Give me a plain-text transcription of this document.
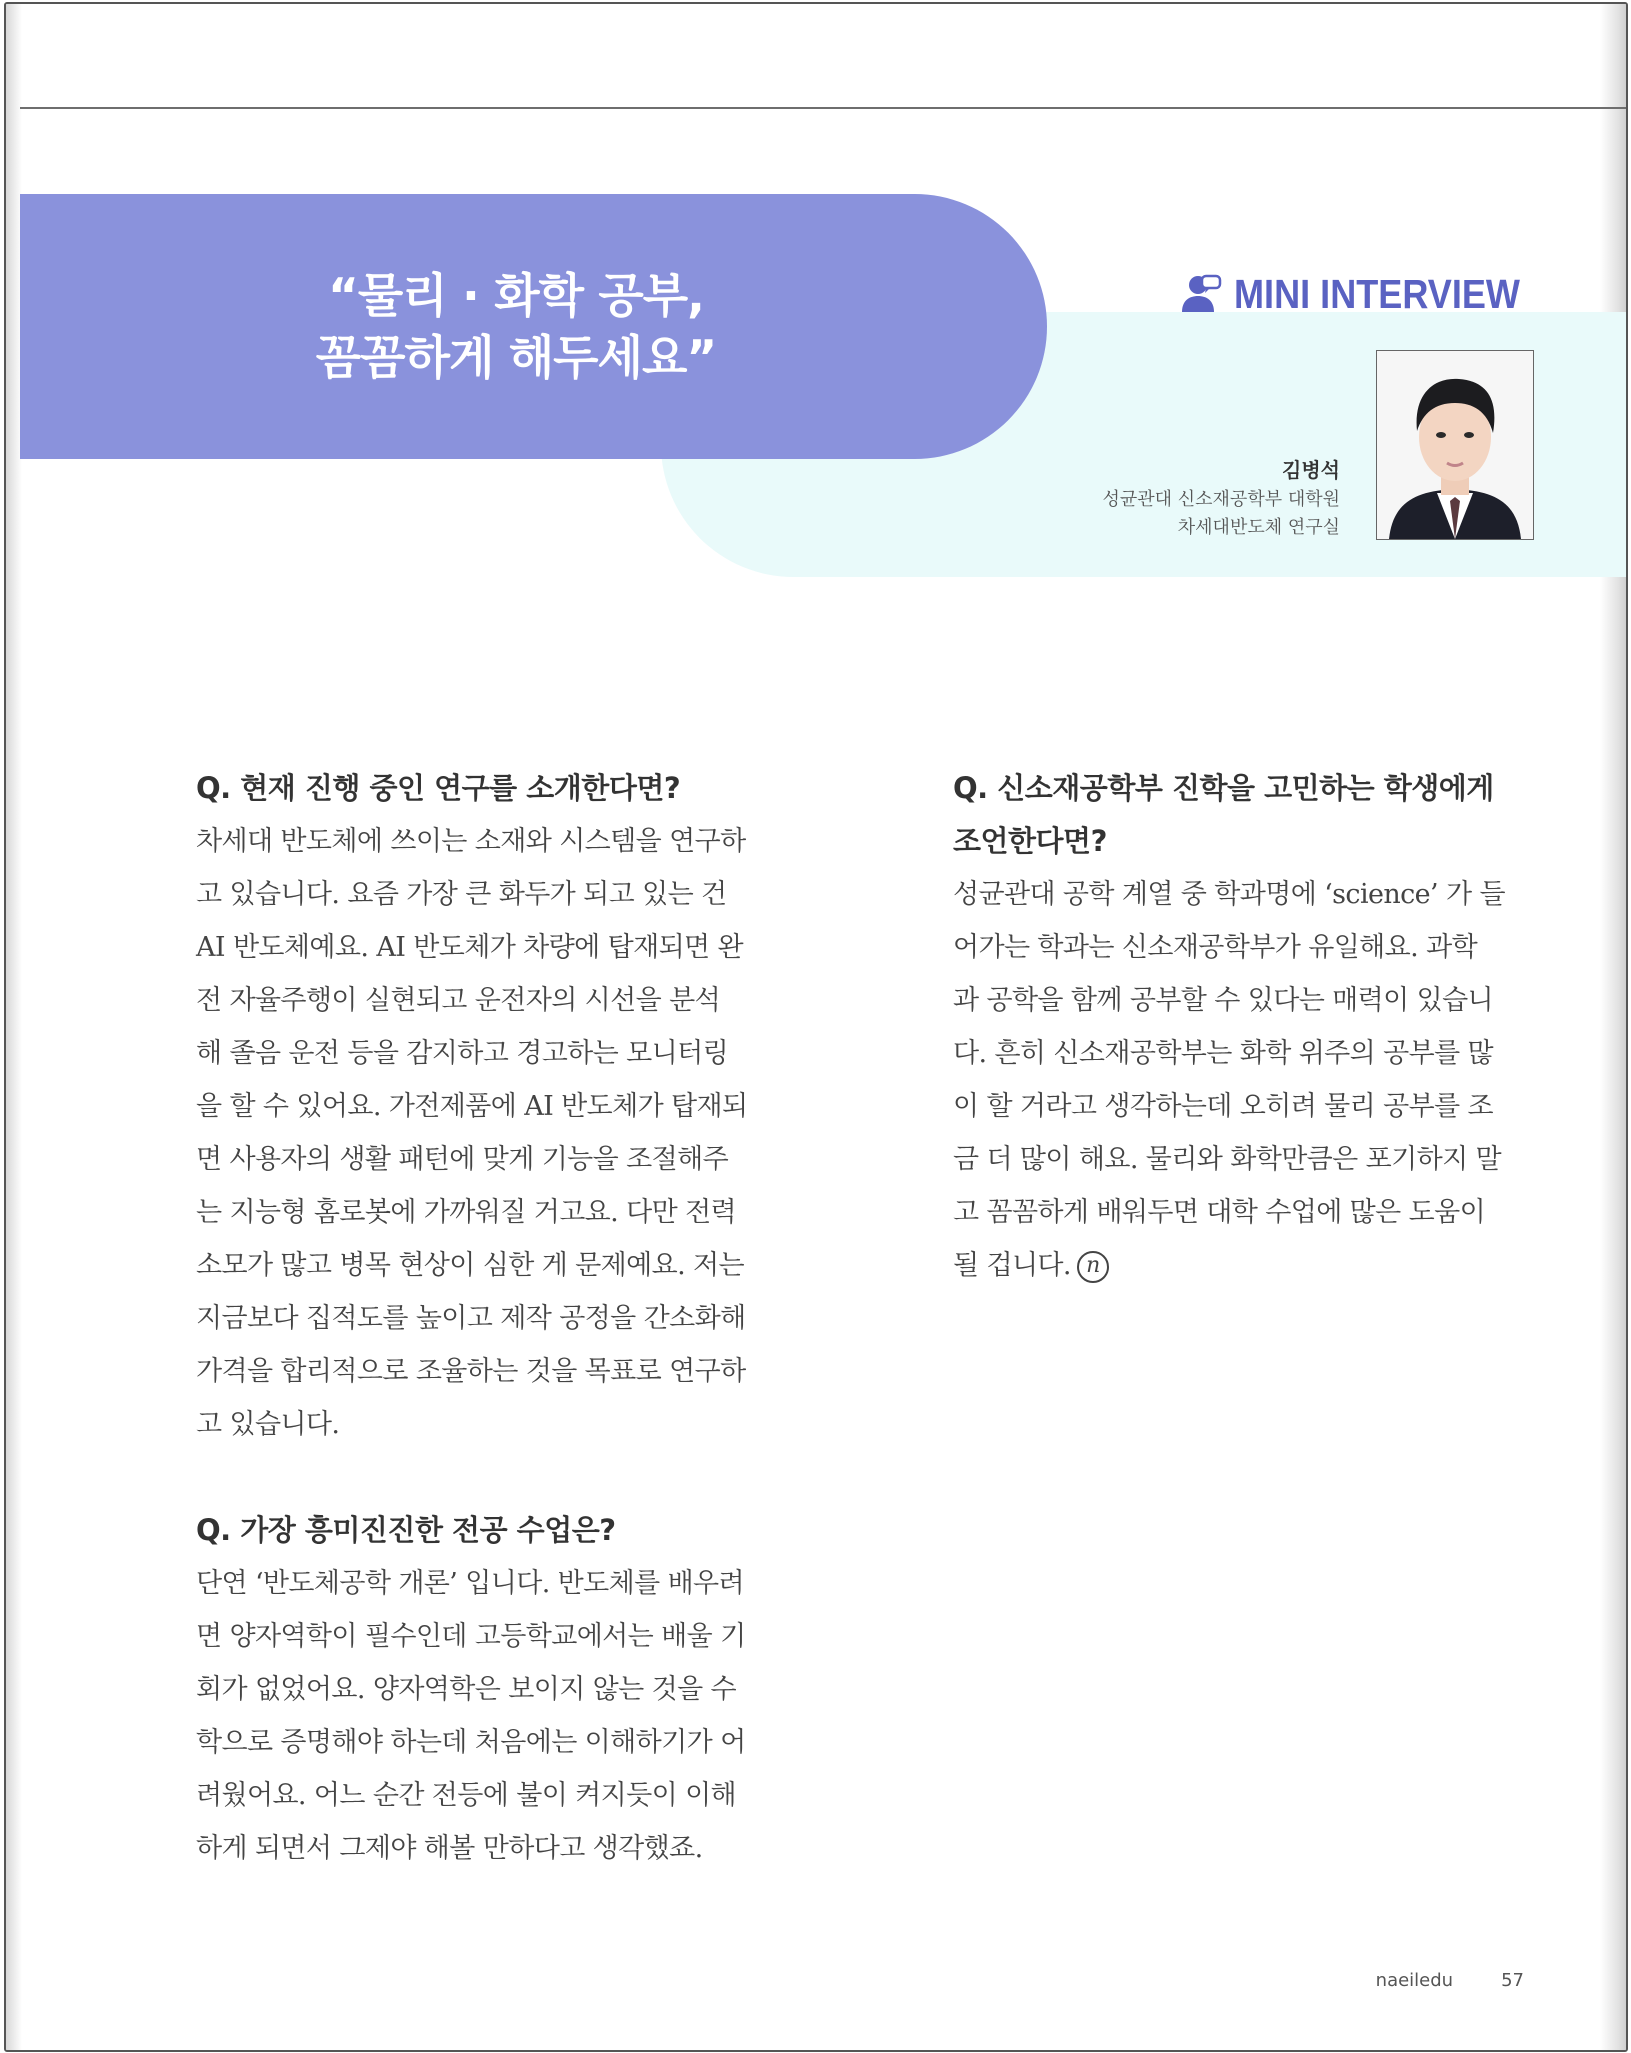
“물리 · 화학 공부,
꼼꼼하게 해두세요”
MINI INTERVIEW
김병석
성균관대 신소재공학부 대학원
차세대반도체 연구실

Q. 현재 진행 중인 연구를 소개한다면?

차세대 반도체에 쓰이는 소재와 시스템을 연구하

고 있습니다. 요즘 가장 큰 화두가 되고 있는 건

AI 반도체예요. AI 반도체가 차량에 탑재되면 완

전 자율주행이 실현되고 운전자의 시선을 분석

해 졸음 운전 등을 감지하고 경고하는 모니터링

을 할 수 있어요. 가전제품에 AI 반도체가 탑재되

면 사용자의 생활 패턴에 맞게 기능을 조절해주

는 지능형 홈로봇에 가까워질 거고요. 다만 전력

소모가 많고 병목 현상이 심한 게 문제예요. 저는

지금보다 집적도를 높이고 제작 공정을 간소화해

가격을 합리적으로 조율하는 것을 목표로 연구하

고 있습니다.

Q. 가장 흥미진진한 전공 수업은?

단연 ‘반도체공학 개론’ 입니다. 반도체를 배우려

면 양자역학이 필수인데 고등학교에서는 배울 기

회가 없었어요. 양자역학은 보이지 않는 것을 수

학으로 증명해야 하는데 처음에는 이해하기가 어

려웠어요. 어느 순간 전등에 불이 켜지듯이 이해

하게 되면서 그제야 해볼 만하다고 생각했죠.

Q. 신소재공학부 진학을 고민하는 학생에게

조언한다면?

성균관대 공학 계열 중 학과명에 ‘science’ 가 들

어가는 학과는 신소재공학부가 유일해요. 과학

과 공학을 함께 공부할 수 있다는 매력이 있습니

다. 흔히 신소재공학부는 화학 위주의 공부를 많

이 할 거라고 생각하는데 오히려 물리 공부를 조

금 더 많이 해요. 물리와 화학만큼은 포기하지 말

고 꼼꼼하게 배워두면 대학 수업에 많은 도움이

될 겁니다. n

naeiledu	57
